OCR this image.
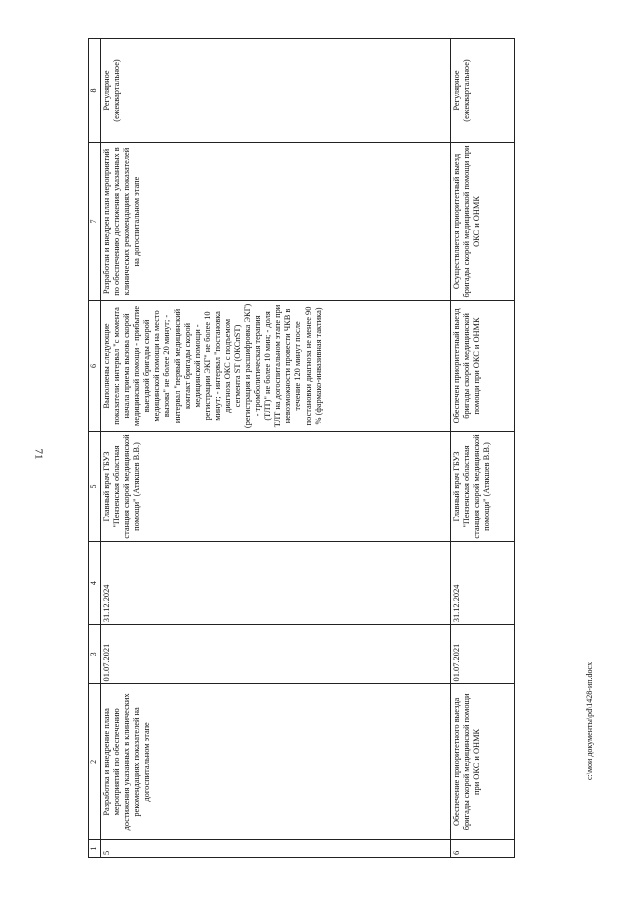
71
1	2	3	4	5	6	7	8
5	Разработка и внедрение плана мероприятий по обеспечению достижения указанных в клинических рекомендациях показателей на догоспитальном этапе	01.07.2021	31.12.2024	Главный врач ГБУЗ "Пензенская областная станция скорой медицинской помощи" (Атякшев В.В.)	Выполнены следующие показатели: интервал "с момента начала приема вызова скорой медицинской помощи - прибытие выездной бригады скорой медицинской помощи на место вызова" не более 20 минут; - интервал "первый медицинский контакт бригады скорой медицинской помощи - регистрации ЭКГ" не более 10 минут; - интервал "постановка диагноза ОКС с подъемом сегмента ST (ОКСпST) (регистрация и расшифровка ЭКГ) - тромболитическая терапия (ТЛТ)" не более 10 мин; - доля ТЛТ на догоспитальном этапе при невозможности провести ЧКВ в течение 120 минут после постановки диагноза не менее 90 % (фармако-инвазивная тактика)	Разработан и внедрен план мероприятий по обеспечению достижения указанных в клинических рекомендациях показателей на догоспитальном этапе	Регулярное (ежеквартальное)
6	Обеспечение приоритетного выезда бригады скорой медицинской помощи при ОКС и ОНМК	01.07.2021	31.12.2024	Главный врач ГБУЗ "Пензенская областная станция скорой медицинской помощи" (Атякшев В.В.)	Обеспечен приоритетный выезд бригады скорой медицинской помощи при ОКС и ОНМК	Осуществляется приоритетный выезд бригады скорой медицинской помощи при ОКС и ОНМК	Регулярное (ежеквартальное)
c:\мои документы\pd\1428-ип.docx
